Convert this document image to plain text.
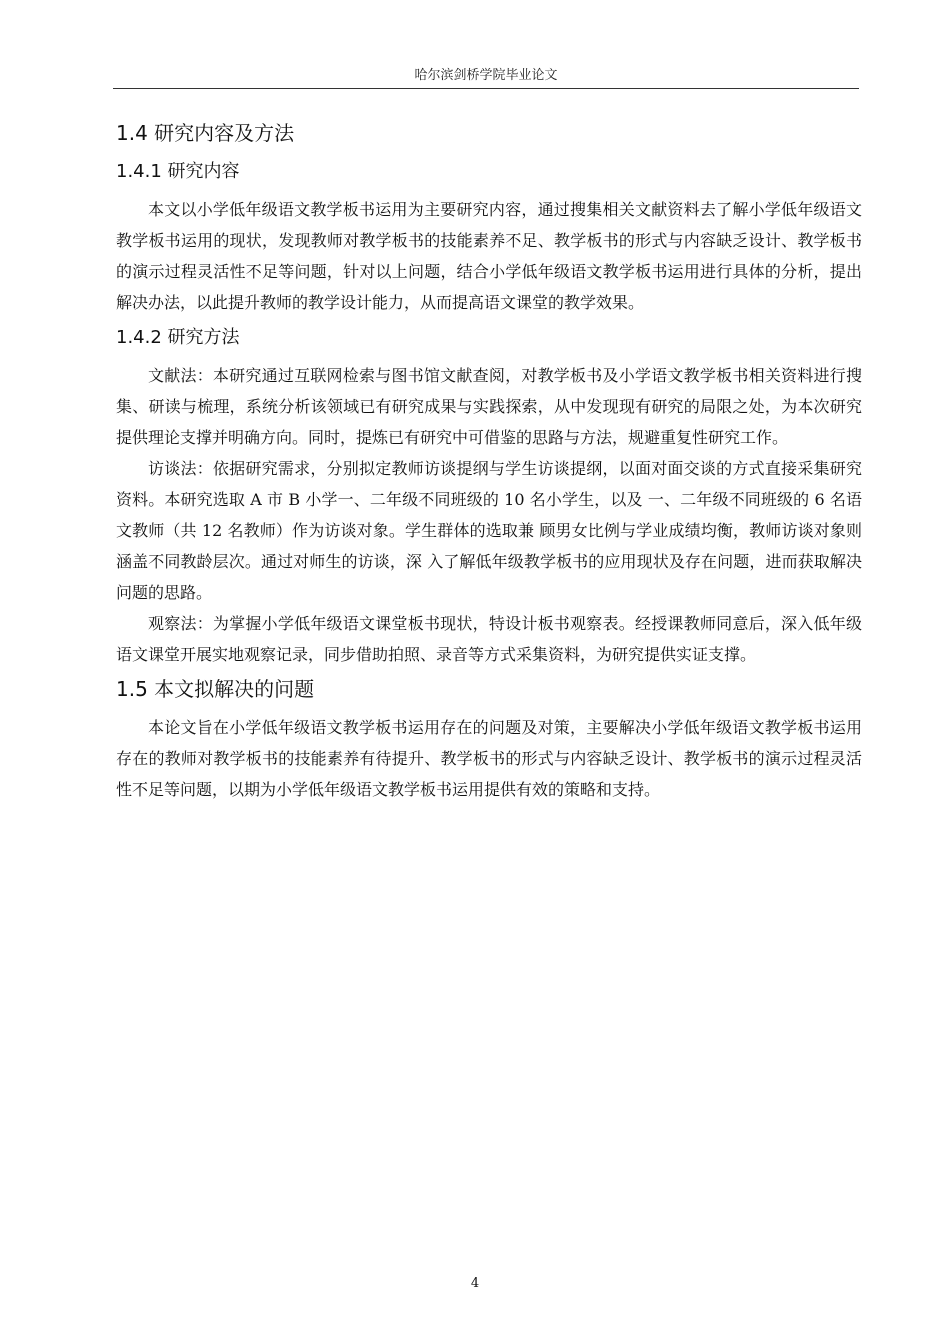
哈尔滨剑桥学院毕业论文
1.4 研究内容及方法
1.4.1 研究内容

本文以小学低年级语文教学板书运用为主要研究内容，通过搜集相关文献资料去了解小学低年级语文教学板书运用的现状，发现教师对教学板书的技能素养不足、教学板书的形式与内容缺乏设计、教学板书的演示过程灵活性不足等问题，针对以上问题，结合小学低年级语文教学板书运用进行具体的分析，提出解决办法，以此提升教师的教学设计能力，从而提高语文课堂的教学效果。

1.4.2 研究方法

文献法：本研究通过互联网检索与图书馆文献查阅，对教学板书及小学语文教学板书相关资料进行搜集、研读与梳理，系统分析该领域已有研究成果与实践探索，从中发现现有研究的局限之处，为本次研究提供理论支撑并明确方向。同时，提炼已有研究中可借鉴的思路与方法，规避重复性研究工作。

访谈法：依据研究需求，分别拟定教师访谈提纲与学生访谈提纲，以面对面交谈的方式直接采集研究资料。本研究选取 A 市 B 小学一、二年级不同班级的 10 名小学生，以及 一、二年级不同班级的 6 名语文教师（共 12 名教师）作为访谈对象。学生群体的选取兼 顾男女比例与学业成绩均衡，教师访谈对象则涵盖不同教龄层次。通过对师生的访谈，深 入了解低年级教学板书的应用现状及存在问题，进而获取解决问题的思路。

观察法：为掌握小学低年级语文课堂板书现状，特设计板书观察表。经授课教师同意后，深入低年级语文课堂开展实地观察记录，同步借助拍照、录音等方式采集资料，为研究提供实证支撑。

1.5 本文拟解决的问题

本论文旨在小学低年级语文教学板书运用存在的问题及对策，主要解决小学低年级语文教学板书运用存在的教师对教学板书的技能素养有待提升、教学板书的形式与内容缺乏设计、教学板书的演示过程灵活性不足等问题，以期为小学低年级语文教学板书运用提供有效的策略和支持。

4
